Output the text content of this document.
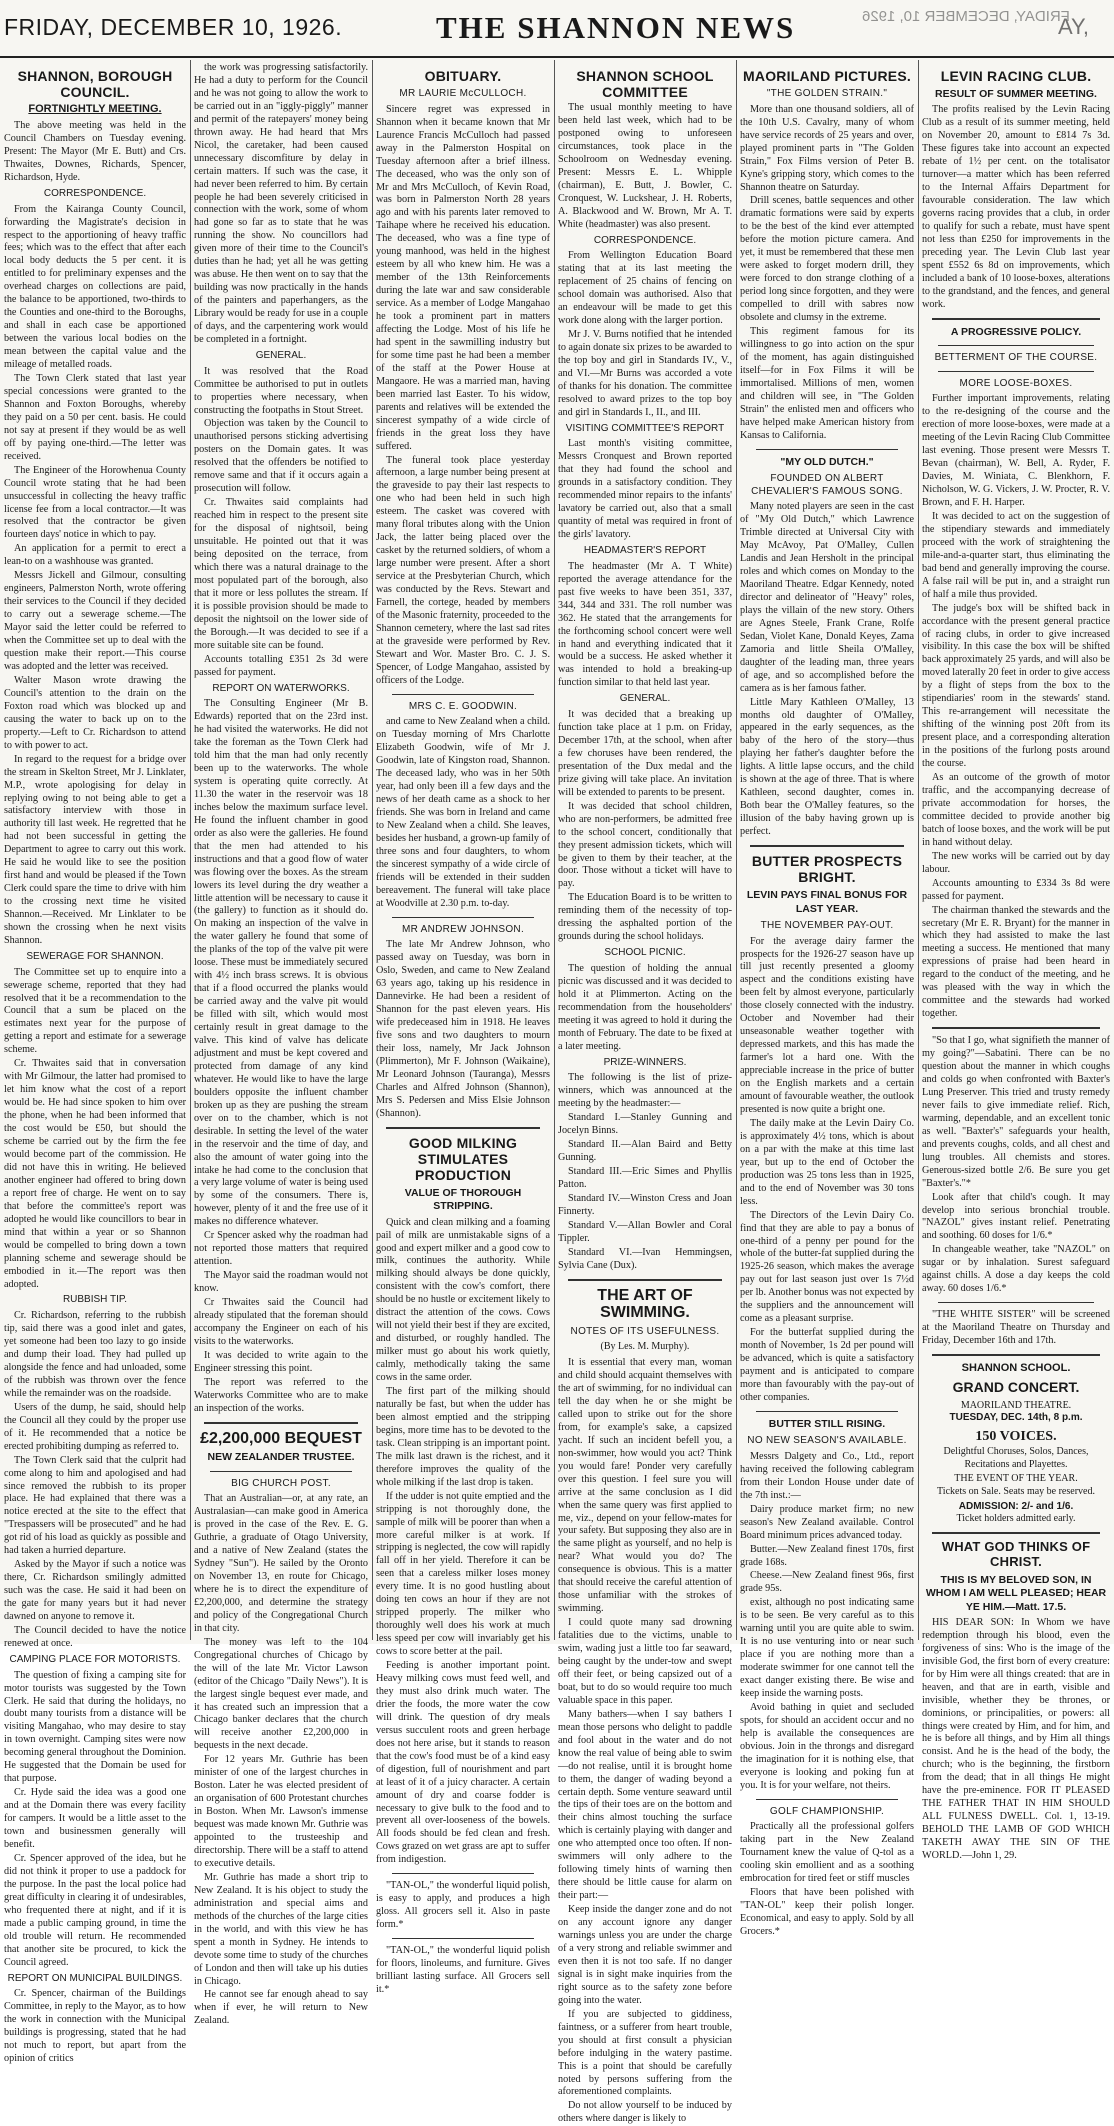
FRIDAY, DECEMBER 10, 1926.	THE SHANNON NEWS	FRIDAY, DECEMBER 10, 1926
AY,
SHANNON, BOROUGH COUNCIL.
FORTNIGHTLY MEETING.

The above meeting was held in the Council Chambers on Tuesday evening. Present: The Mayor (Mr E. Butt) and Crs. Thwaites, Downes, Richards, Spencer, Richardson, Hyde.

CORRESPONDENCE.

From the Kairanga County Council, forwarding the Magistrate's decision in respect to the apportioning of heavy traffic fees; which was to the effect that after each local body deducts the 5 per cent. it is entitled to for preliminary expenses and the overhead charges on collections are paid, the balance to be apportioned, two-thirds to the Counties and one-third to the Boroughs, and shall in each case be apportioned between the various local bodies on the mean between the capital value and the mileage of metalled roads.

The Town Clerk stated that last year special concessions were granted to the Shannon and Foxton Boroughs, whereby they paid on a 50 per cent. basis. He could not say at present if they would be as well off by paying one-third.—The letter was received.

The Engineer of the Horowhenua County Council wrote stating that he had been unsuccessful in collecting the heavy traffic license fee from a local contractor.—It was resolved that the contractor be given fourteen days' notice in which to pay.

An application for a permit to erect a lean-to on a washhouse was granted.

Messrs Jickell and Gilmour, consulting engineers, Palmerston North, wrote offering their services to the Council if they decided to carry out a sewerage scheme.—The Mayor said the letter could be referred to when the Committee set up to deal with the question make their report.—This course was adopted and the letter was received.

Walter Mason wrote drawing the Council's attention to the drain on the Foxton road which was blocked up and causing the water to back up on to the property.—Left to Cr. Richardson to attend to with power to act.

In regard to the request for a bridge over the stream in Skelton Street, Mr J. Linklater, M.P., wrote apologising for delay in replying owing to not being able to get a satisfactory interview with those in authority till last week. He regretted that he had not been successful in getting the Department to agree to carry out this work. He said he would like to see the position first hand and would be pleased if the Town Clerk could spare the time to drive with him to the crossing next time he visited Shannon.—Received. Mr Linklater to be shown the crossing when he next visits Shannon.

SEWERAGE FOR SHANNON.

The Committee set up to enquire into a sewerage scheme, reported that they had resolved that it be a recommendation to the Council that a sum be placed on the estimates next year for the purpose of getting a report and estimate for a sewerage scheme.

Cr. Thwaites said that in conversation with Mr Gilmour, the latter had promised to let him know what the cost of a report would be. He had since spoken to him over the phone, when he had been informed that the cost would be £50, but should the scheme be carried out by the firm the fee would become part of the commission. He did not have this in writing. He believed another engineer had offered to bring down a report free of charge. He went on to say that before the committee's report was adopted he would like councillors to bear in mind that within a year or so Shannon would be compelled to bring down a town planning scheme and sewerage should be embodied in it.—The report was then adopted.

RUBBISH TIP.

Cr. Richardson, referring to the rubbish tip, said there was a good inlet and gates, yet someone had been too lazy to go inside and dump their load. They had pulled up alongside the fence and had unloaded, some of the rubbish was thrown over the fence while the remainder was on the roadside.

Users of the dump, he said, should help the Council all they could by the proper use of it. He recommended that a notice be erected prohibiting dumping as referred to.

The Town Clerk said that the culprit had come along to him and apologised and had since removed the rubbish to its proper place. He had explained that there was a notice erected at the site to the effect that "Trespassers will be prosecuted" and he had got rid of his load as quickly as possible and had taken a hurried departure.

Asked by the Mayor if such a notice was there, Cr. Richardson smilingly admitted such was the case. He said it had been on the gate for many years but it had never dawned on anyone to remove it.

The Council decided to have the notice renewed at once.

CAMPING PLACE FOR MOTORISTS.

The question of fixing a camping site for motor tourists was suggested by the Town Clerk. He said that during the holidays, no doubt many tourists from a distance will be visiting Mangahao, who may desire to stay in town overnight. Camping sites were now becoming general throughout the Dominion. He suggested that the Domain be used for that purpose.

Cr. Hyde said the idea was a good one and at the Domain there was every facility for campers. It would be a little asset to the town and businessmen generally will benefit.

Cr. Spencer approved of the idea, but he did not think it proper to use a paddock for the purpose. In the past the local police had great difficulty in clearing it of undesirables, who frequented there at night, and if it is made a public camping ground, in time the old trouble will return. He recommended that another site be procured, to kick the Council agreed.

REPORT ON MUNICIPAL BUILDINGS.

Cr. Spencer, chairman of the Buildings Committee, in reply to the Mayor, as to how the work in connection with the Municipal buildings is progressing, stated that he had not much to report, but apart from the opinion of critics

the work was progressing satisfactorily. He had a duty to perform for the Council and he was not going to allow the work to be carried out in an "iggly-piggly" manner and permit of the ratepayers' money being thrown away. He had heard that Mrs Nicol, the caretaker, had been caused unnecessary discomfiture by delay in certain matters. If such was the case, it had never been referred to him. By certain people he had been severely criticised in connection with the work, some of whom had gone so far as to state that he was running the show. No councillors had given more of their time to the Council's duties than he had; yet all he was getting was abuse. He then went on to say that the building was now practically in the hands of the painters and paperhangers, as the Library would be ready for use in a couple of days, and the carpentering work would be completed in a fortnight.

GENERAL.

It was resolved that the Road Committee be authorised to put in outlets to properties where necessary, when constructing the footpaths in Stout Street.

Objection was taken by the Council to unauthorised persons sticking advertising posters on the Domain gates. It was resolved that the offenders be notified to remove same and that if it occurs again a prosecution will follow.

Cr. Thwaites said complaints had reached him in respect to the present site for the disposal of nightsoil, being unsuitable. He pointed out that it was being deposited on the terrace, from which there was a natural drainage to the most populated part of the borough, also that it more or less pollutes the stream. If it is possible provision should be made to deposit the nightsoil on the lower side of the Borough.—It was decided to see if a more suitable site can be found.

Accounts totalling £351 2s 3d were passed for payment.

REPORT ON WATERWORKS.

The Consulting Engineer (Mr B. Edwards) reported that on the 23rd inst. he had visited the waterworks. He did not take the foreman as the Town Clerk had told him that the man had only recently been up to the waterworks. The whole system is operating quite correctly. At 11.30 the water in the reservoir was 18 inches below the maximum surface level. He found the influent chamber in good order as also were the galleries. He found that the men had attended to his instructions and that a good flow of water was flowing over the boxes. As the stream lowers its level during the dry weather a little attention will be necessary to cause it (the gallery) to function as it should do. On making an inspection of the valve in the water gallery he found that some of the planks of the top of the valve pit were loose. These must be immediately secured with 4½ inch brass screws. It is obvious that if a flood occurred the planks would be carried away and the valve pit would be filled with silt, which would most certainly result in great damage to the valve. This kind of valve has delicate adjustment and must be kept covered and protected from damage of any kind whatever. He would like to have the large boulders opposite the influent chamber broken up as they are pushing the stream over on to the chamber, which is not desirable. In setting the level of the water in the reservoir and the time of day, and also the amount of water going into the intake he had come to the conclusion that a very large volume of water is being used by some of the consumers. There is, however, plenty of it and the free use of it makes no difference whatever.

Cr Spencer asked why the roadman had not reported those matters that required attention.

The Mayor said the roadman would not know.

Cr Thwaites said the Council had already stipulated that the foreman should accompany the Engineer on each of his visits to the waterworks.

It was decided to write again to the Engineer stressing this point.

The report was referred to the Waterworks Committee who are to make an inspection of the works.

£2,200,000 BEQUEST
NEW ZEALANDER TRUSTEE.
BIG CHURCH POST.

That an Australian—or, at any rate, an Australasian—can make good in America is proved in the case of the Rev. E. G. Guthrie, a graduate of Otago University, and a native of New Zealand (states the Sydney "Sun"). He sailed by the Oronto on November 13, en route for Chicago, where he is to direct the expenditure of £2,200,000, and determine the strategy and policy of the Congregational Church in that city.

The money was left to the 104 Congregational churches of Chicago by the will of the late Mr. Victor Lawson (editor of the Chicago "Daily News"). It is the largest single bequest ever made, and it has created such an impression that a Chicago banker declares that the church will receive another £2,200,000 in bequests in the next decade.

For 12 years Mr. Guthrie has been minister of one of the largest churches in Boston. Later he was elected president of an organisation of 600 Protestant churches in Boston. When Mr. Lawson's immense bequest was made known Mr. Guthrie was appointed to the trusteeship and directorship. There will be a staff to attend to executive details.

Mr. Guthrie has made a short trip to New Zealand. It is his object to study the administration and special aims and methods of the churches of the large cities in the world, and with this view he has spent a month in Sydney. He intends to devote some time to study of the churches of London and then will take up his duties in Chicago.

He cannot see far enough ahead to say when if ever, he will return to New Zealand.

OBITUARY.
MR LAURIE McCULLOCH.

Sincere regret was expressed in Shannon when it became known that Mr Laurence Francis McCulloch had passed away in the Palmerston Hospital on Tuesday afternoon after a brief illness. The deceased, who was the only son of Mr and Mrs McCulloch, of Kevin Road, was born in Palmerston North 28 years ago and with his parents later removed to Taihape where he received his education. The deceased, who was a fine type of young manhood, was held in the highest esteem by all who knew him. He was a member of the 13th Reinforcements during the late war and saw considerable service. As a member of Lodge Mangahao he took a prominent part in matters affecting the Lodge. Most of his life he had spent in the sawmilling industry but for some time past he had been a member of the staff at the Power House at Mangaore. He was a married man, having been married last Easter. To his widow, parents and relatives will be extended the sincerest sympathy of a wide circle of friends in the great loss they have suffered.

The funeral took place yesterday afternoon, a large number being present at the graveside to pay their last respects to one who had been held in such high esteem. The casket was covered with many floral tributes along with the Union Jack, the latter being placed over the casket by the returned soldiers, of whom a large number were present. After a short service at the Presbyterian Church, which was conducted by the Revs. Stewart and Farnell, the cortege, headed by members of the Masonic fraternity, proceeded to the Shannon cemetery, where the last sad rites at the graveside were performed by Rev. Stewart and Wor. Master Bro. C. J. S. Spencer, of Lodge Mangahao, assisted by officers of the Lodge.

MRS C. E. GOODWIN.

and came to New Zealand when a child. on Tuesday morning of Mrs Charlotte Elizabeth Goodwin, wife of Mr J. Goodwin, late of Kingston road, Shannon. The deceased lady, who was in her 50th year, had only been ill a few days and the news of her death came as a shock to her friends. She was born in Ireland and came to New Zealand when a child. She leaves, besides her husband, a grown-up family of three sons and four daughters, to whom the sincerest sympathy of a wide circle of friends will be extended in their sudden bereavement. The funeral will take place at Woodville at 2.30 p.m. to-day.

MR ANDREW JOHNSON.

The late Mr Andrew Johnson, who passed away on Tuesday, was born in Oslo, Sweden, and came to New Zealand 63 years ago, taking up his residence in Dannevirke. He had been a resident of Shannon for the past eleven years. His wife predeceased him in 1918. He leaves five sons and two daughters to mourn their loss, namely, Mr Jack Johnson (Plimmerton), Mr F. Johnson (Waikaine), Mr Leonard Johnson (Tauranga), Messrs Charles and Alfred Johnson (Shannon), Mrs S. Pedersen and Miss Elsie Johnson (Shannon).

GOOD MILKING STIMULATES PRODUCTION
VALUE OF THOROUGH STRIPPING.

Quick and clean milking and a foaming pail of milk are unmistakable signs of a good and expert milker and a good cow to milk, continues the authority. While milking should always be done quickly, consistent with the cow's comfort, there should be no hustle or excitement likely to distract the attention of the cows. Cows will not yield their best if they are excited, and disturbed, or roughly handled. The milker must go about his work quietly, calmly, methodically taking the same cows in the same order.

The first part of the milking should naturally be fast, but when the udder has been almost emptied and the stripping begins, more time has to be devoted to the task. Clean stripping is an important point. The milk last drawn is the richest, and it therefore improves the quality of the whole milking if the last drop is taken.

If the udder is not quite emptied and the stripping is not thoroughly done, the sample of milk will be poorer than when a more careful milker is at work. If stripping is neglected, the cow will rapidly fall off in her yield. Therefore it can be seen that a careless milker loses money every time. It is no good hustling about doing ten cows an hour if they are not stripped properly. The milker who thoroughly well does his work at much less speed per cow will invariably get his cows to score better at the pail.

Feeding is another important point. Heavy milking cows must feed well, and they must also drink much water. The drier the foods, the more water the cow will drink. The question of dry meals versus succulent roots and green herbage does not here arise, but it stands to reason that the cow's food must be of a kind easy of digestion, full of nourishment and part at least of it of a juicy character. A certain amount of dry and coarse fodder is necessary to give bulk to the food and to prevent all over-looseness of the bowels. All foods should be fed clean and fresh. Cows grazed on wet grass are apt to suffer from indigestion.

"TAN-OL," the wonderful liquid polish, is easy to apply, and produces a high gloss. All grocers sell it. Also in paste form.*

"TAN-OL," the wonderful liquid polish for floors, linoleums, and furniture. Gives brilliant lasting surface. All Grocers sell it.*

SHANNON SCHOOL COMMITTEE

The usual monthly meeting to have been held last week, which had to be postponed owing to unforeseen circumstances, took place in the Schoolroom on Wednesday evening. Present: Messrs E. L. Whipple (chairman), E. Butt, J. Bowler, C. Cronquest, W. Luckshear, J. H. Roberts, A. Blackwood and W. Brown, Mr A. T. White (headmaster) was also present.

CORRESPONDENCE.

From Wellington Education Board stating that at its last meeting the replacement of 25 chains of fencing on school domain was authorised. Also that an endeavour will be made to get this work done along with the larger portion.

Mr J. V. Burns notified that he intended to again donate six prizes to be awarded to the top boy and girl in Standards IV., V., and VI.—Mr Burns was accorded a vote of thanks for his donation. The committee resolved to award prizes to the top boy and girl in Standards I., II., and III.

VISITING COMMITTEE'S REPORT

Last month's visiting committee, Messrs Cronquest and Brown reported that they had found the school and grounds in a satisfactory condition. They recommended minor repairs to the infants' lavatory be carried out, also that a small quantity of metal was required in front of the girls' lavatory.

HEADMASTER'S REPORT

The headmaster (Mr A. T White) reported the average attendance for the past five weeks to have been 351, 337, 344, 344 and 331. The roll number was 362. He stated that the arrangements for the forthcoming school concert were well in hand and everything indicated that it would be a success. He asked whether it was intended to hold a breaking-up function similar to that held last year.

GENERAL.

It was decided that a breaking up function take place at 1 p.m. on Friday, December 17th, at the school, when after a few choruses have been rendered, the presentation of the Dux medal and the prize giving will take place. An invitation will be extended to parents to be present.

It was decided that school children, who are non-performers, be admitted free to the school concert, conditionally that they present admission tickets, which will be given to them by their teacher, at the door. Those without a ticket will have to pay.

The Education Board is to be written to reminding them of the necessity of top-dressing the asphalted portion of the grounds during the school holidays.

SCHOOL PICNIC.

The question of holding the annual picnic was discussed and it was decided to hold it at Plimmerton. Acting on the recommendation from the householders' meeting it was agreed to hold it during the month of February. The date to be fixed at a later meeting.

PRIZE-WINNERS.

The following is the list of prize-winners, which was announced at the meeting by the headmaster:—

Standard I.—Stanley Gunning and Jocelyn Binns.

Standard II.—Alan Baird and Betty Gunning.

Standard III.—Eric Simes and Phyllis Patton.

Standard IV.—Winston Cress and Joan Finnerty.

Standard V.—Allan Bowler and Coral Tippler.

Standard VI.—Ivan Hemmingsen, Sylvia Cane (Dux).

THE ART OF SWIMMING.
NOTES OF ITS USEFULNESS.
(By Les. M. Murphy).

It is essential that every man, woman and child should acquaint themselves with the art of swimming, for no individual can tell the day when he or she might be called upon to strike out for the shore from, for example's sake, a capsized yacht. If such an incident befell you, a non-swimmer, how would you act? Think you would fare! Ponder very carefully over this question. I feel sure you will arrive at the same conclusion as I did when the same query was first applied to me, viz., depend on your fellow-mates for your safety. But supposing they also are in the same plight as yourself, and no help is near? What would you do? The consequence is obvious. This is a matter that should receive the careful attention of those unfamiliar with the strokes of swimming.

I could quote many sad drowning fatalities due to the victims, unable to swim, wading just a little too far seaward, being caught by the under-tow and swept off their feet, or being capsized out of a boat, but to do so would require too much valuable space in this paper.

Many bathers—when I say bathers I mean those persons who delight to paddle and fool about in the water and do not know the real value of being able to swim—do not realise, until it is brought home to them, the danger of wading beyond a certain depth. Some venture seaward until the tips of their toes are on the bottom and their chins almost touching the surface which is certainly playing with danger and one who attempted once too often. If non-swimmers will only adhere to the following timely hints of warning then there should be little cause for alarm on their part:—

Keep inside the danger zone and do not on any account ignore any danger warnings unless you are under the charge of a very strong and reliable swimmer and even then it is not too safe. If no danger signal is in sight make inquiries from the right source as to the safety zone before going into the water.

If you are subjected to giddiness, faintness, or a sufferer from heart trouble, you should at first consult a physician before indulging in the watery pastime. This is a point that should be carefully noted by persons suffering from the aforementioned complaints.

Do not allow yourself to be induced by others where danger is likely to

MAORILAND PICTURES.
"THE GOLDEN STRAIN."

More than one thousand soldiers, all of the 10th U.S. Cavalry, many of whom have service records of 25 years and over, played prominent parts in "The Golden Strain," Fox Films version of Peter B. Kyne's gripping story, which comes to the Shannon theatre on Saturday.

Drill scenes, battle sequences and other dramatic formations were said by experts to be the best of the kind ever attempted before the motion picture camera. And yet, it must be remembered that these men were asked to forget modern drill, they were forced to don strange clothing of a period long since forgotten, and they were compelled to drill with sabres now obsolete and clumsy in the extreme.

This regiment famous for its willingness to go into action on the spur of the moment, has again distinguished itself—for in Fox Films it will be immortalised. Millions of men, women and children will see, in "The Golden Strain" the enlisted men and officers who have helped make American history from Kansas to California.

"MY OLD DUTCH."
FOUNDED ON ALBERT CHEVALIER'S FAMOUS SONG.

Many noted players are seen in the cast of "My Old Dutch," which Lawrence Trimble directed at Universal City with May McAvoy, Pat O'Malley, Cullen Landis and Jean Hersholt in the principal roles and which comes on Monday to the Maoriland Theatre. Edgar Kennedy, noted director and delineator of "Heavy" roles, plays the villain of the new story. Others are Agnes Steele, Frank Crane, Rolfe Sedan, Violet Kane, Donald Keyes, Zama Zamoria and little Sheila O'Malley, daughter of the leading man, three years of age, and so accomplished before the camera as is her famous father.

Little Mary Kathleen O'Malley, 13 months old daughter of O'Malley, appeared in the early sequences, as the baby of the hero of the story—thus playing her father's daughter before the lights. A little lapse occurs, and the child is shown at the age of three. That is where Kathleen, second daughter, comes in. Both bear the O'Malley features, so the illusion of the baby having grown up is perfect.

BUTTER PROSPECTS BRIGHT.
LEVIN PAYS FINAL BONUS FOR LAST YEAR.
THE NOVEMBER PAY-OUT.

For the average dairy farmer the prospects for the 1926-27 season have up till just recently presented a gloomy aspect and the conditions existing have been felt by almost everyone, particularly those closely connected with the industry. October and November had their unseasonable weather together with depressed markets, and this has made the farmer's lot a hard one. With the appreciable increase in the price of butter on the English markets and a certain amount of favourable weather, the outlook presented is now quite a bright one.

The daily make at the Levin Dairy Co. is approximately 4½ tons, which is about on a par with the make at this time last year, but up to the end of October the production was 25 tons less than in 1925, and to the end of November was 30 tons less.

The Directors of the Levin Dairy Co. find that they are able to pay a bonus of one-third of a penny per pound for the whole of the butter-fat supplied during the 1925-26 season, which makes the average pay out for last season just over 1s 7½d per lb. Another bonus was not expected by the suppliers and the announcement will come as a pleasant surprise.

For the butterfat supplied during the month of November, 1s 2d per pound will be advanced, which is quite a satisfactory payment and is anticipated to compare more than favourably with the pay-out of other companies.

BUTTER STILL RISING.
NO NEW SEASON'S AVAILABLE.

Messrs Dalgety and Co., Ltd., report having received the following cablegram from their London House under date of the 7th inst.:—

Dairy produce market firm; no new season's New Zealand available. Control Board minimum prices advanced today.

Butter.—New Zealand finest 170s, first grade 168s.

Cheese.—New Zealand finest 96s, first grade 95s.

exist, although no post indicating same is to be seen. Be very careful as to this warning until you are quite able to swim. It is no use venturing into or near such place if you are nothing more than a moderate swimmer for one cannot tell the exact danger existing there. Be wise and keep inside the warning posts.

Avoid bathing in quiet and secluded spots, for should an accident occur and no help is available the consequences are obvious. Join in the throngs and disregard the imagination for it is nothing else, that everyone is looking and poking fun at you. It is for your welfare, not theirs.

GOLF CHAMPIONSHIP.

Practically all the professional golfers taking part in the New Zealand Tournament knew the value of Q-tol as a cooling skin emollient and as a soothing embrocation for tired feet or stiff muscles

Floors that have been polished with "TAN-OL" keep their polish longer. Economical, and easy to apply. Sold by all Grocers.*

LEVIN RACING CLUB.
RESULT OF SUMMER MEETING.

The profits realised by the Levin Racing Club as a result of its summer meeting, held on November 20, amount to £814 7s 3d. These figures take into account an expected rebate of 1½ per cent. on the totalisator turnover—a matter which has been referred to the Internal Affairs Department for favourable consideration. The law which governs racing provides that a club, in order to qualify for such a rebate, must have spent not less than £250 for improvements in the preceding year. The Levin Club last year spent £552 6s 8d on improvements, which included a bank of 10 loose-boxes, alterations to the grandstand, and the fences, and general work.

A PROGRESSIVE POLICY.
BETTERMENT OF THE COURSE.
MORE LOOSE-BOXES.

Further important improvements, relating to the re-designing of the course and the erection of more loose-boxes, were made at a meeting of the Levin Racing Club Committee last evening. Those present were Messrs T. Bevan (chairman), W. Bell, A. Ryder, F. Davies, M. Winiata, C. Blenkhorn, F. Nicholson, W. G. Vickers, J. W. Procter, R. V. Brown, and F. H. Harper.

It was decided to act on the suggestion of the stipendiary stewards and immediately proceed with the work of straightening the mile-and-a-quarter start, thus eliminating the bad bend and generally improving the course. A false rail will be put in, and a straight run of half a mile thus provided.

The judge's box will be shifted back in accordance with the present general practice of racing clubs, in order to give increased visibility. In this case the box will be shifted back approximately 25 yards, and will also be moved laterally 20 feet in order to give access by a flight of steps from the box to the stipendiaries' room in the stewards' stand. This re-arrangement will necessitate the shifting of the winning post 20ft from its present place, and a corresponding alteration in the positions of the furlong posts around the course.

As an outcome of the growth of motor traffic, and the accompanying decrease of private accommodation for horses, the committee decided to provide another big batch of loose boxes, and the work will be put in hand without delay.

The new works will be carried out by day labour.

Accounts amounting to £334 3s 8d were passed for payment.

The chairman thanked the stewards and the secretary (Mr E. R. Bryant) for the manner in which they had assisted to make the last meeting a success. He mentioned that many expressions of praise had been heard in regard to the conduct of the meeting, and he was pleased with the way in which the committee and the stewards had worked together.

"So that I go, what signifieth the manner of my going?"—Sabatini. There can be no question about the manner in which coughs and colds go when confronted with Baxter's Lung Preserver. This tried and trusty remedy never fails to give immediate relief. Rich, warming, dependable, and an excellent tonic as well. "Baxter's" safeguards your health, and prevents coughs, colds, and all chest and lung troubles. All chemists and stores. Generous-sized bottle 2/6. Be sure you get "Baxter's."*

Look after that child's cough. It may develop into serious bronchial trouble. "NAZOL" gives instant relief. Penetrating and soothing. 60 doses for 1/6.*

In changeable weather, take "NAZOL" on sugar or by inhalation. Surest safeguard against chills. A dose a day keeps the cold away. 60 doses 1/6.*

"THE WHITE SISTER" will be screened at the Maoriland Theatre on Thursday and Friday, December 16th and 17th.

SHANNON SCHOOL.
GRAND CONCERT.
MAORILAND THEATRE.
TUESDAY, DEC. 14th, 8 p.m.
150 VOICES.
Delightful Choruses, Solos, Dances, Recitations and Playettes.
THE EVENT OF THE YEAR.
Tickets on Sale. Seats may be reserved.
ADMISSION: 2/- and 1/6.
Ticket holders admitted early.
WHAT GOD THINKS OF CHRIST.
THIS IS MY BELOVED SON, IN WHOM I AM WELL PLEASED; HEAR YE HIM.—Matt. 17.5.

HIS DEAR SON: In Whom we have redemption through his blood, even the forgiveness of sins: Who is the image of the invisible God, the first born of every creature: for by Him were all things created: that are in heaven, and that are in earth, visible and invisible, whether they be thrones, or dominions, or principalities, or powers: all things were created by Him, and for him, and he is before all things, and by Him all things consist. And he is the head of the body, the church; who is the beginning, the firstborn from the dead; that in all things He might have the pre-eminence. FOR IT PLEASED THE FATHER THAT IN HIM SHOULD ALL FULNESS DWELL. Col. 1, 13-19. BEHOLD THE LAMB OF GOD WHICH TAKETH AWAY THE SIN OF THE WORLD.—John 1, 29.
